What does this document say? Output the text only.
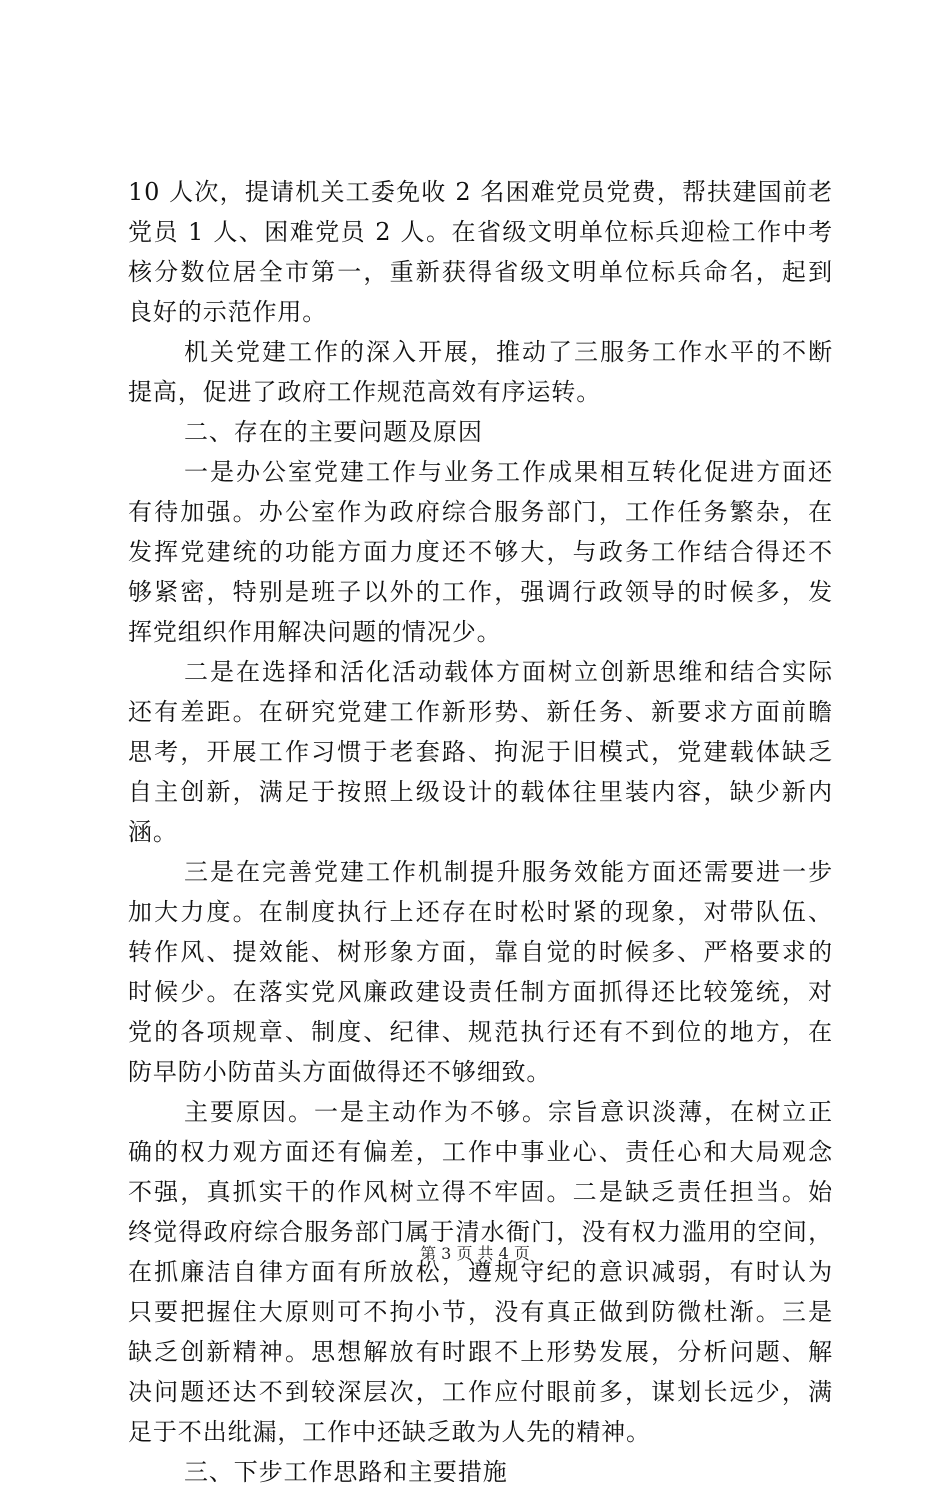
10 人次，提请机关工委免收 2 名困难党员党费，帮扶建国前老
党员 1 人、困难党员 2 人。在省级文明单位标兵迎检工作中考
核分数位居全市第一，重新获得省级文明单位标兵命名，起到
良好的示范作用。
机关党建工作的深入开展，推动了三服务工作水平的不断
提高，促进了政府工作规范高效有序运转。
二、存在的主要问题及原因
一是办公室党建工作与业务工作成果相互转化促进方面还
有待加强。办公室作为政府综合服务部门，工作任务繁杂，在
发挥党建统的功能方面力度还不够大，与政务工作结合得还不
够紧密，特别是班子以外的工作，强调行政领导的时候多，发
挥党组织作用解决问题的情况少。
二是在选择和活化活动载体方面树立创新思维和结合实际
还有差距。在研究党建工作新形势、新任务、新要求方面前瞻
思考，开展工作习惯于老套路、拘泥于旧模式，党建载体缺乏
自主创新，满足于按照上级设计的载体往里装内容，缺少新内
涵。
三是在完善党建工作机制提升服务效能方面还需要进一步
加大力度。在制度执行上还存在时松时紧的现象，对带队伍、
转作风、提效能、树形象方面，靠自觉的时候多、严格要求的
时候少。在落实党风廉政建设责任制方面抓得还比较笼统，对
党的各项规章、制度、纪律、规范执行还有不到位的地方，在
防早防小防苗头方面做得还不够细致。
主要原因。一是主动作为不够。宗旨意识淡薄，在树立正
确的权力观方面还有偏差，工作中事业心、责任心和大局观念
不强，真抓实干的作风树立得不牢固。二是缺乏责任担当。始
终觉得政府综合服务部门属于清水衙门，没有权力滥用的空间，
在抓廉洁自律方面有所放松，遵规守纪的意识减弱，有时认为
只要把握住大原则可不拘小节，没有真正做到防微杜渐。三是
缺乏创新精神。思想解放有时跟不上形势发展，分析问题、解
决问题还达不到较深层次，工作应付眼前多，谋划长远少，满
足于不出纰漏，工作中还缺乏敢为人先的精神。
三、下步工作思路和主要措施
第 3 页 共 4 页
